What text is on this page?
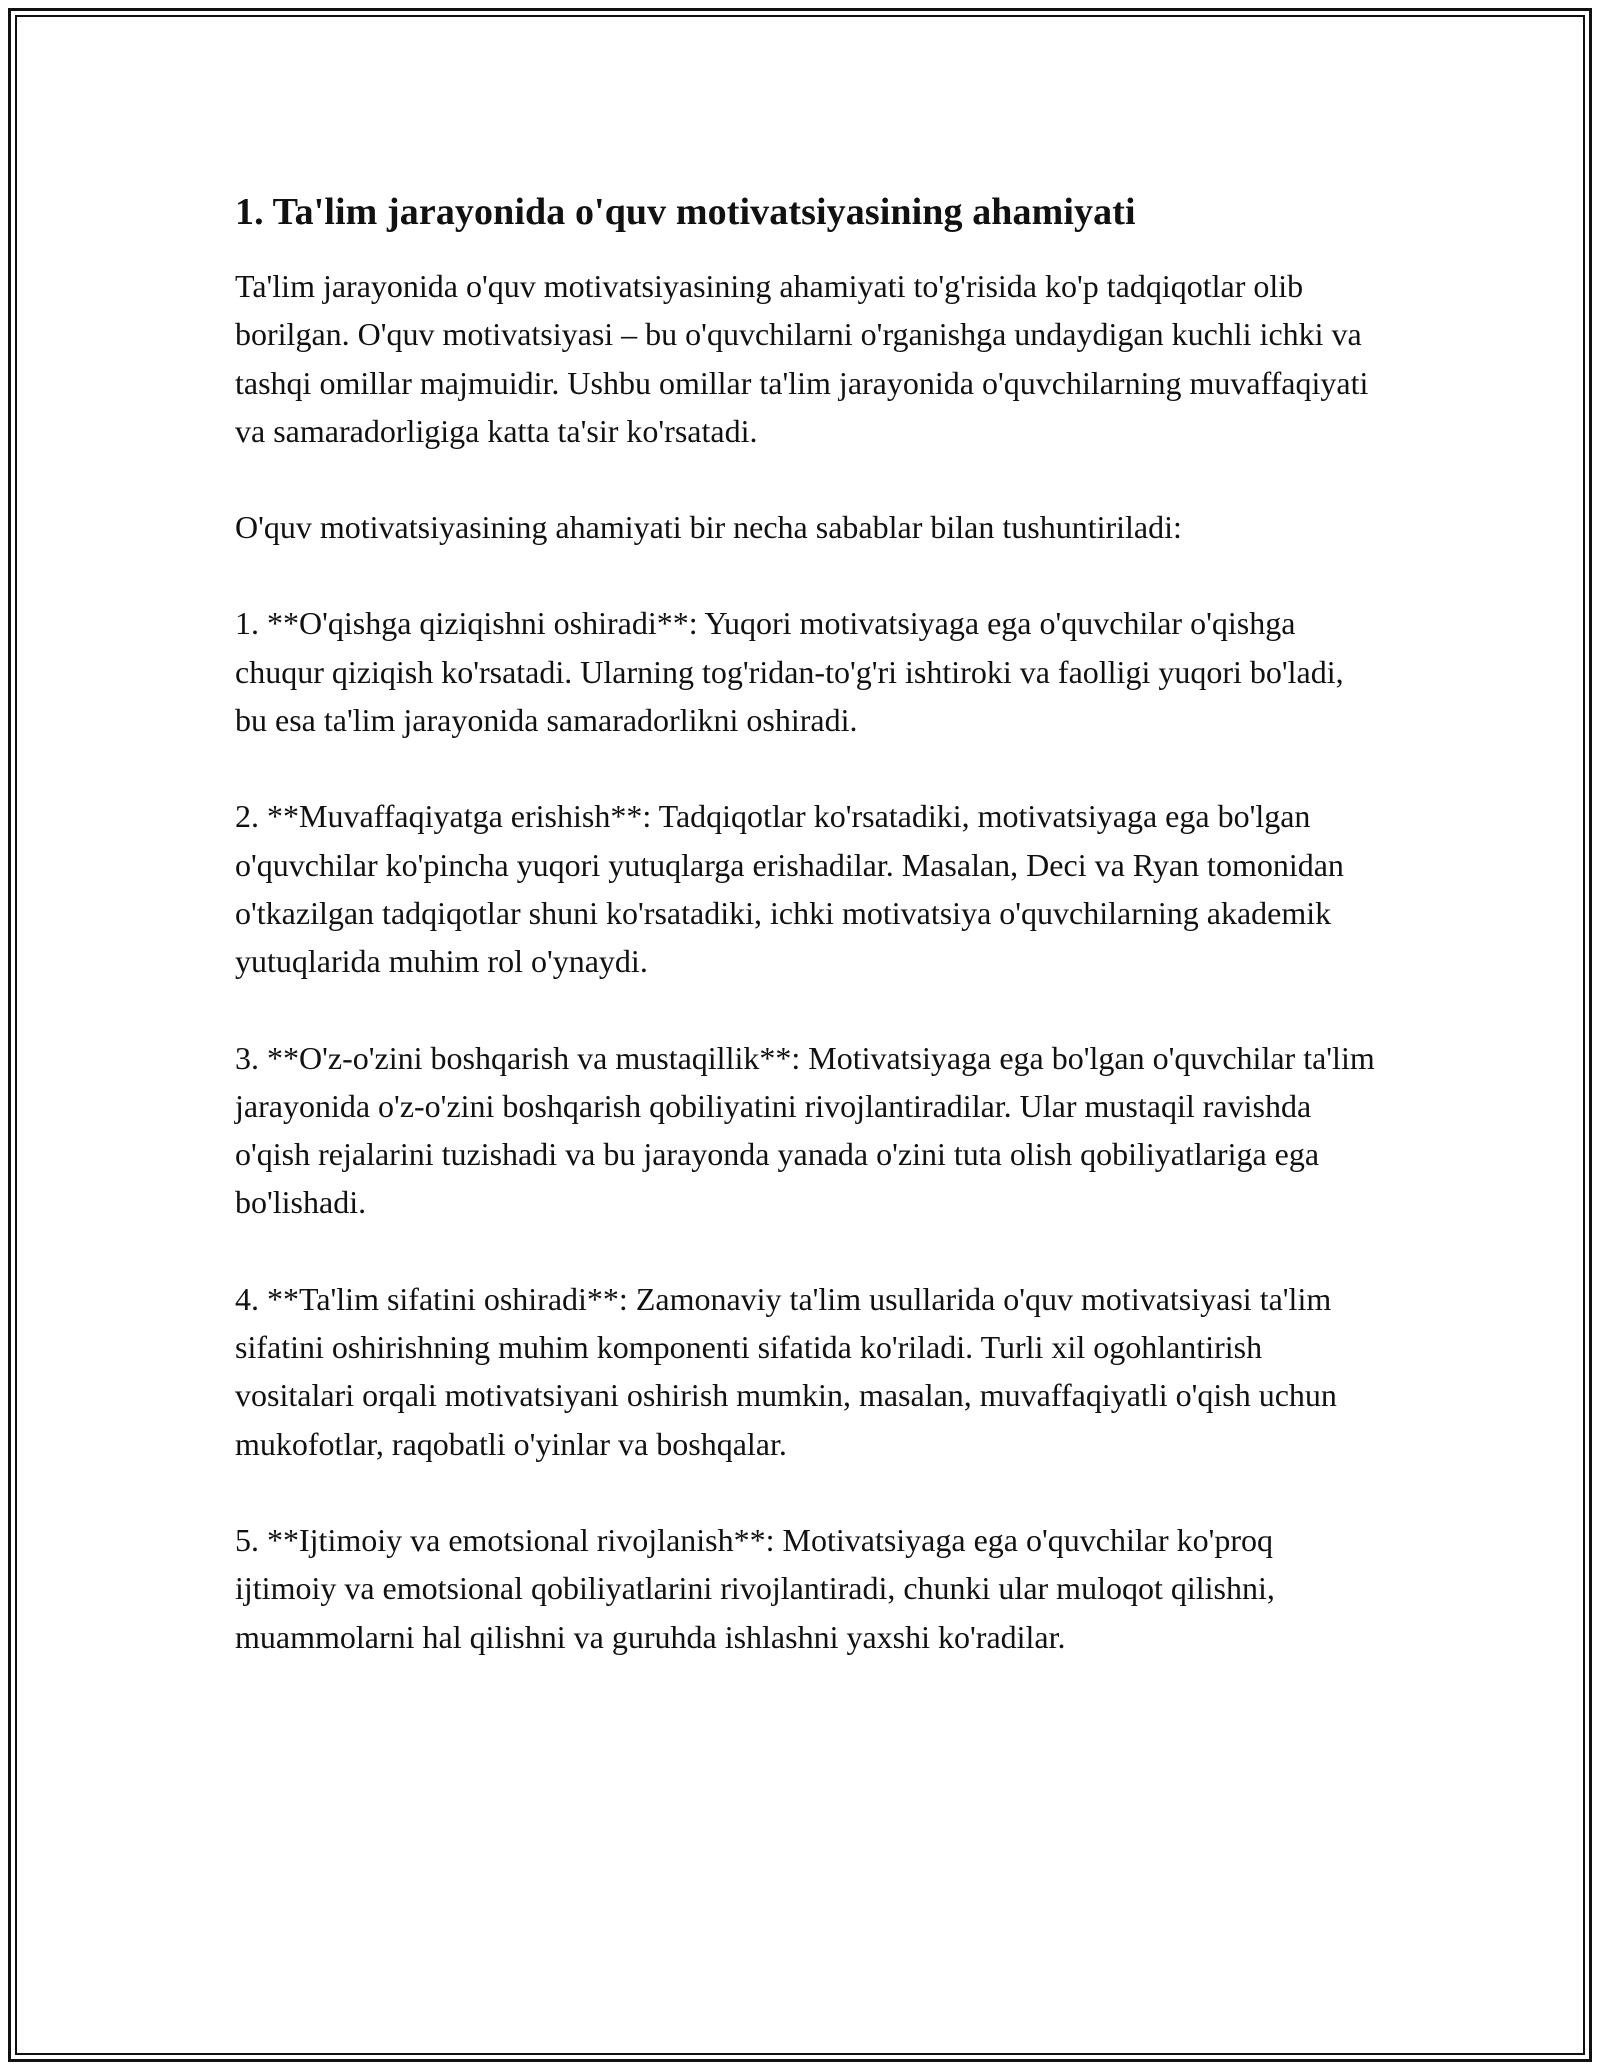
1. Ta'lim jarayonida o'quv motivatsiyasining ahamiyati

Ta'lim jarayonida o'quv motivatsiyasining ahamiyati to'g'risida ko'p tadqiqotlar olib borilgan. O'quv motivatsiyasi – bu o'quvchilarni o'rganishga undaydigan kuchli ichki va tashqi omillar majmuidir. Ushbu omillar ta'lim jarayonida o'quvchilarning muvaffaqiyati va samaradorligiga katta ta'sir ko'rsatadi.

O'quv motivatsiyasining ahamiyati bir necha sabablar bilan tushuntiriladi:

1. **O'qishga qiziqishni oshiradi**: Yuqori motivatsiyaga ega o'quvchilar o'qishga chuqur qiziqish ko'rsatadi. Ularning tog'ridan-to'g'ri ishtiroki va faolligi yuqori bo'ladi, bu esa ta'lim jarayonida samaradorlikni oshiradi.

2. **Muvaffaqiyatga erishish**: Tadqiqotlar ko'rsatadiki, motivatsiyaga ega bo'lgan o'quvchilar ko'pincha yuqori yutuqlarga erishadilar. Masalan, Deci va Ryan tomonidan o'tkazilgan tadqiqotlar shuni ko'rsatadiki, ichki motivatsiya o'quvchilarning akademik yutuqlarida muhim rol o'ynaydi.

3. **O'z-o'zini boshqarish va mustaqillik**: Motivatsiyaga ega bo'lgan o'quvchilar ta'lim jarayonida o'z-o'zini boshqarish qobiliyatini rivojlantiradilar. Ular mustaqil ravishda o'qish rejalarini tuzishadi va bu jarayonda yanada o'zini tuta olish qobiliyatlariga ega bo'lishadi.

4. **Ta'lim sifatini oshiradi**: Zamonaviy ta'lim usullarida o'quv motivatsiyasi ta'lim sifatini oshirishning muhim komponenti sifatida ko'riladi. Turli xil ogohlantirish vositalari orqali motivatsiyani oshirish mumkin, masalan, muvaffaqiyatli o'qish uchun mukofotlar, raqobatli o'yinlar va boshqalar.

5. **Ijtimoiy va emotsional rivojlanish**: Motivatsiyaga ega o'quvchilar ko'proq ijtimoiy va emotsional qobiliyatlarini rivojlantiradi, chunki ular muloqot qilishni, muammolarni hal qilishni va guruhda ishlashni yaxshi ko'radilar.
